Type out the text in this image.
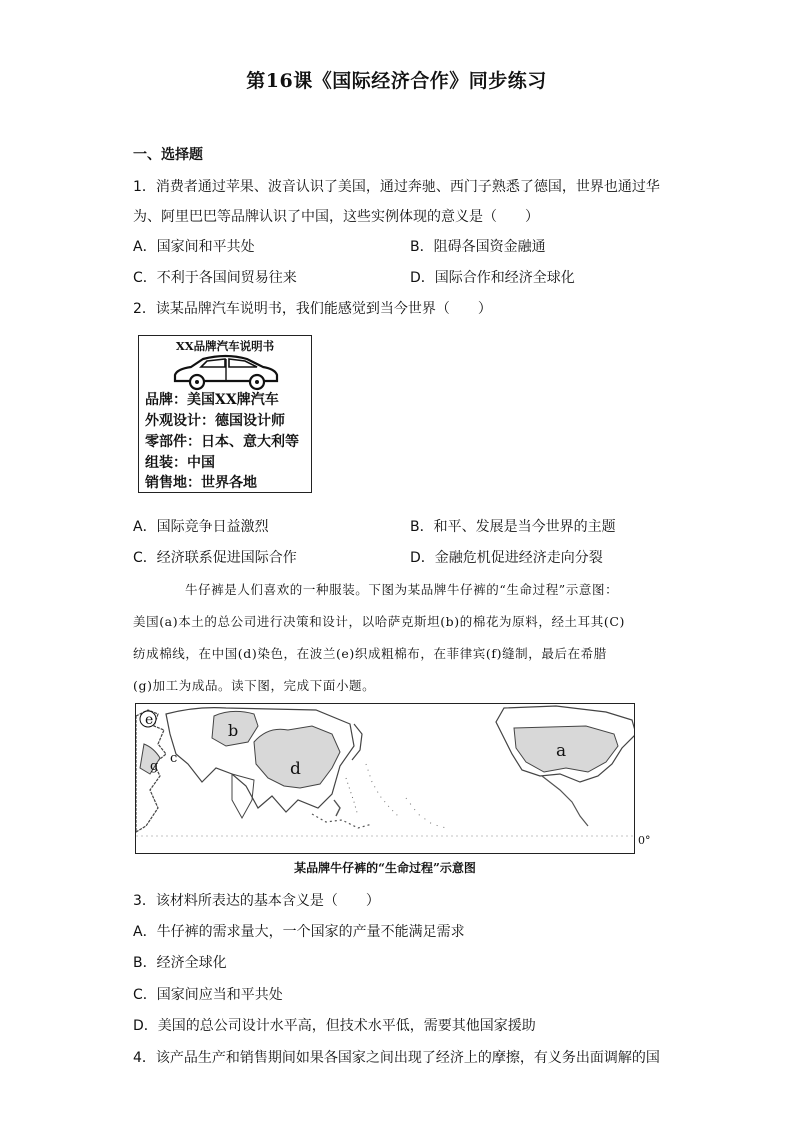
第16课《国际经济合作》同步练习
一、选择题
1．消费者通过苹果、波音认识了美国，通过奔驰、西门子熟悉了德国，世界也通过华
为、阿里巴巴等品牌认识了中国，这些实例体现的意义是（　　）
A．国家间和平共处	B．阻碍各国资金融通
C．不利于各国间贸易往来	D．国际合作和经济全球化
2．读某品牌汽车说明书，我们能感觉到当今世界（　　）
XX品牌汽车说明书
品牌：美国XX牌汽车
外观设计：德国设计师
零部件：日本、意大利等
组装：中国
销售地：世界各地
A．国际竞争日益激烈	B．和平、发展是当今世界的主题
C．经济联系促进国际合作	D．金融危机促进经济走向分裂
牛仔裤是人们喜欢的一种服装。下图为某品牌牛仔裤的“生命过程”示意图：
美国(a)本土的总公司进行决策和设计，以哈萨克斯坦(b)的棉花为原料，经土耳其(C)
纺成棉线，在中国(d)染色，在波兰(e)织成粗棉布，在菲律宾(f)缝制，最后在希腊
(g)加工为成品。读下图，完成下面小题。
e
b
g
c
d
a
0°
某品牌牛仔裤的“生命过程”示意图
3．该材料所表达的基本含义是（　　）
A．牛仔裤的需求量大，一个国家的产量不能满足需求
B．经济全球化
C．国家间应当和平共处
D．美国的总公司设计水平高，但技术水平低，需要其他国家援助
4．该产品生产和销售期间如果各国家之间出现了经济上的摩擦，有义务出面调解的国
